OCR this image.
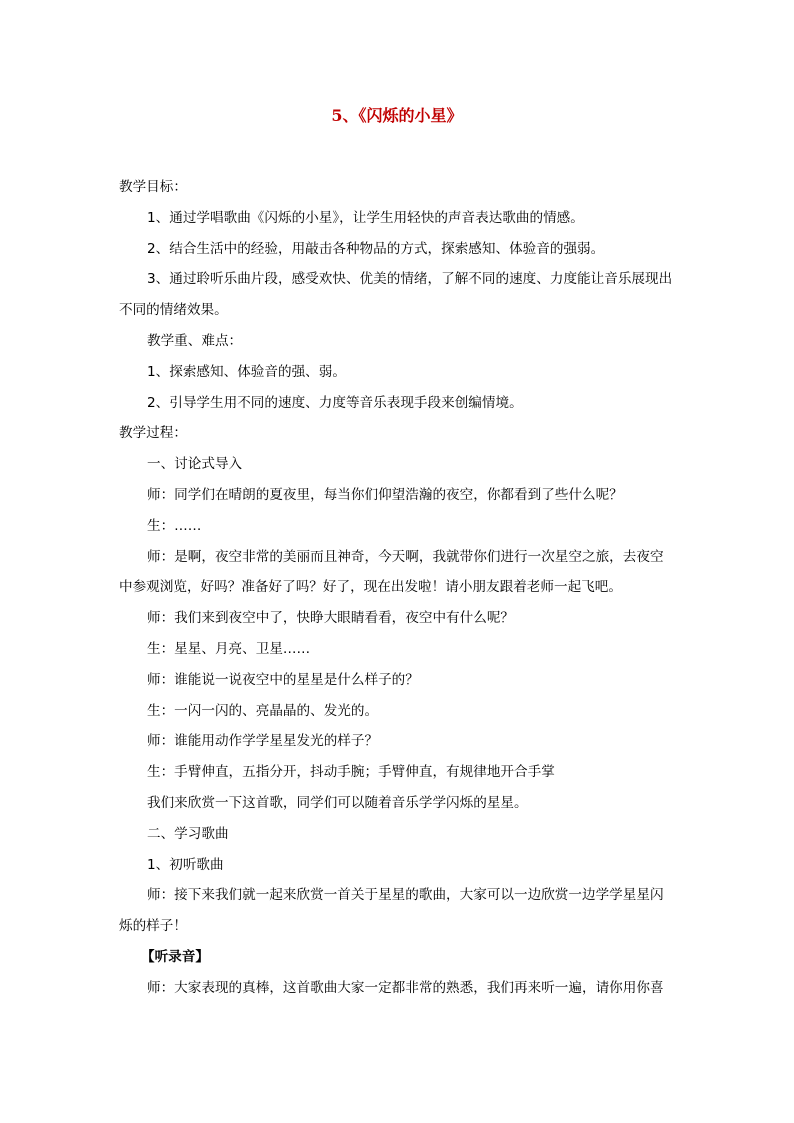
5、《闪烁的小星》
教学目标：
1、通过学唱歌曲《闪烁的小星》，让学生用轻快的声音表达歌曲的情感。
2、结合生活中的经验，用敲击各种物品的方式，探索感知、体验音的强弱。
3、通过聆听乐曲片段，感受欢快、优美的情绪，了解不同的速度、力度能让音乐展现出不同的情绪效果。
教学重、难点：
1、探索感知、体验音的强、弱。
2、引导学生用不同的速度、力度等音乐表现手段来创编情境。
教学过程：
一、讨论式导入
师：同学们在晴朗的夏夜里，每当你们仰望浩瀚的夜空，你都看到了些什么呢？
生：……
师：是啊，夜空非常的美丽而且神奇，今天啊，我就带你们进行一次星空之旅，去夜空中参观浏览，好吗？准备好了吗？好了，现在出发啦！请小朋友跟着老师一起飞吧。
师：我们来到夜空中了，快睁大眼睛看看，夜空中有什么呢？
生：星星、月亮、卫星……
师：谁能说一说夜空中的星星是什么样子的？
生：一闪一闪的、亮晶晶的、发光的。
师：谁能用动作学学星星发光的样子？
生：手臂伸直，五指分开，抖动手腕；手臂伸直，有规律地开合手掌
我们来欣赏一下这首歌，同学们可以随着音乐学学闪烁的星星。
二、学习歌曲
1、初听歌曲
师：接下来我们就一起来欣赏一首关于星星的歌曲，大家可以一边欣赏一边学学星星闪烁的样子！
【听录音】
师：大家表现的真棒，这首歌曲大家一定都非常的熟悉，我们再来听一遍，请你用你喜
